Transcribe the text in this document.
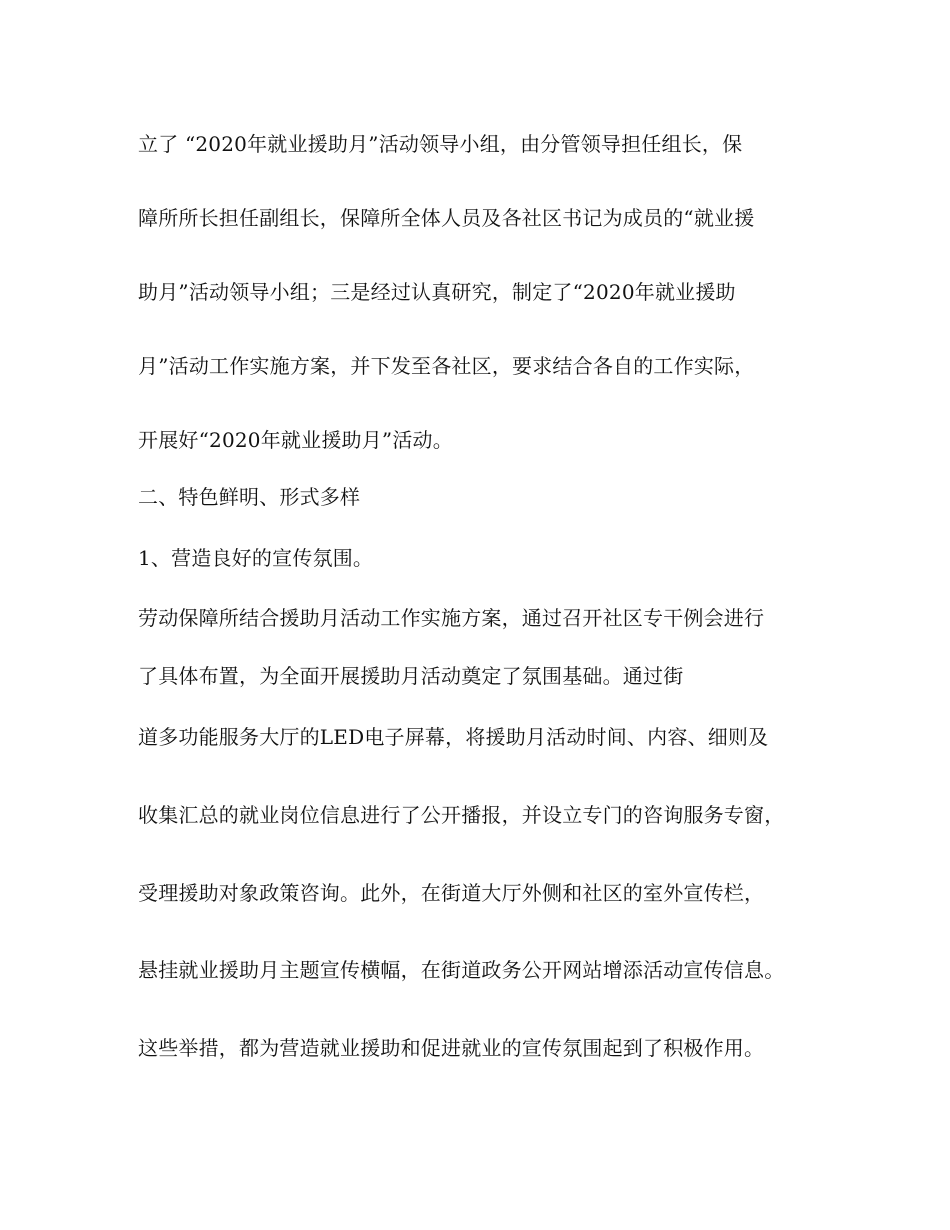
立了 “2020年就业援助月”活动领导小组，由分管领导担任组长，保
障所所长担任副组长，保障所全体人员及各社区书记为成员的“就业援
助月”活动领导小组；三是经过认真研究，制定了“2020年就业援助
月”活动工作实施方案，并下发至各社区，要求结合各自的工作实际，
开展好“2020年就业援助月”活动。
二、特色鲜明、形式多样
1、营造良好的宣传氛围。
劳动保障所结合援助月活动工作实施方案，通过召开社区专干例会进行
了具体布置，为全面开展援助月活动奠定了氛围基础。通过街
道多功能服务大厅的LED电子屏幕，将援助月活动时间、内容、细则及
收集汇总的就业岗位信息进行了公开播报，并设立专门的咨询服务专窗，
受理援助对象政策咨询。此外，在街道大厅外侧和社区的室外宣传栏，
悬挂就业援助月主题宣传横幅，在街道政务公开网站增添活动宣传信息。
这些举措，都为营造就业援助和促进就业的宣传氛围起到了积极作用。
